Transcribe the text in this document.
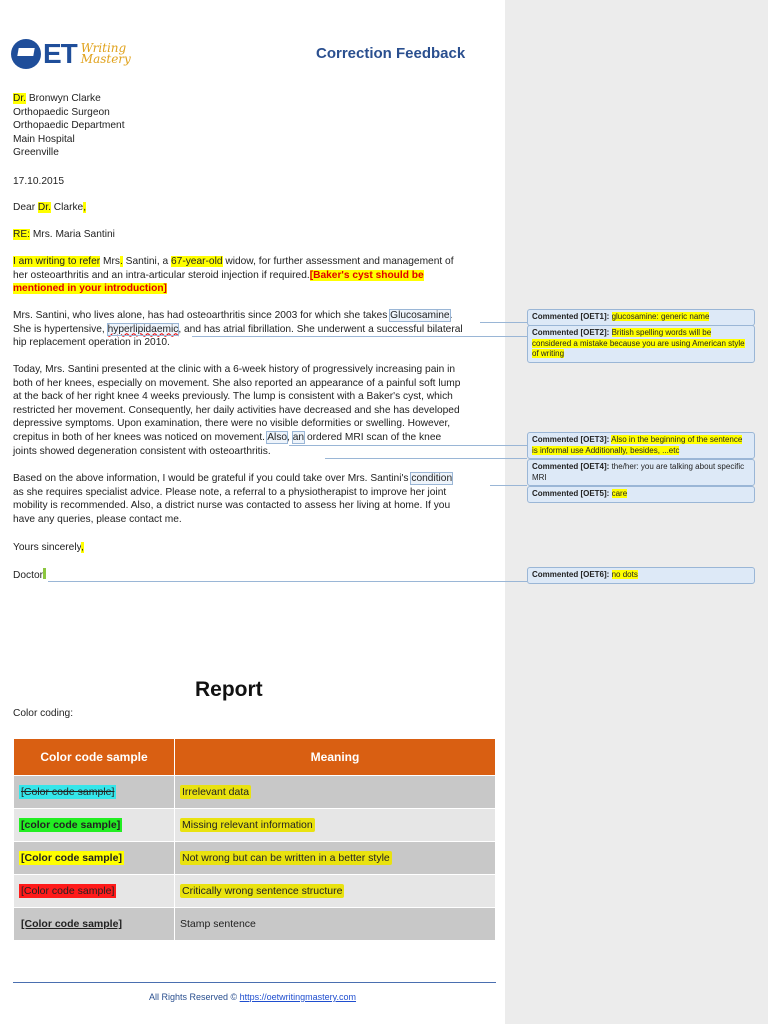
ET Writing
Mastery	Correction Feedback
Dr. Bronwyn Clarke
Orthopaedic Surgeon
Orthopaedic Department
Main Hospital
Greenville
17.10.2015
Dear Dr. Clarke,
RE: Mrs. Maria Santini
I am writing to refer Mrs. Santini, a 67-year-old widow, for further assessment and management of
her osteoarthritis and an intra-articular steroid injection if required.[Baker's cyst should be
mentioned in your introduction]
Mrs. Santini, who lives alone, has had osteoarthritis since 2003 for which she takes Glucosamine.
She is hypertensive, hyperlipidaemic, and has atrial fibrillation. She underwent a successful bilateral
hip replacement operation in 2010.
Today, Mrs. Santini presented at the clinic with a 6-week history of progressively increasing pain in
both of her knees, especially on movement. She also reported an appearance of a painful soft lump
at the back of her right knee 4 weeks previously. The lump is consistent with a Baker's cyst, which
restricted her movement. Consequently, her daily activities have decreased and she has developed
depressive symptoms. Upon examination, there were no visible deformities or swelling. However,
crepitus in both of her knees was noticed on movement. Also, an ordered MRI scan of the knee
joints showed degeneration consistent with osteoarthritis.
Based on the above information, I would be grateful if you could take over Mrs. Santini's condition
as she requires specialist advice. Please note, a referral to a physiotherapist to improve her joint
mobility is recommended. Also, a district nurse was contacted to assess her living at home. If you
have any queries, please contact me.
Yours sincerely,
Doctor
Commented [OET1]: glucosamine: generic name
Commented [OET2]: British spelling words will be considered a mistake because you are using American style of writing
Commented [OET3]: Also in the beginning of the sentence is informal use Additionally, besides, ...etc
Commented [OET4]: the/her: you are talking about specific MRI
Commented [OET5]: care
Commented [OET6]: no dots
Report
Color coding:
Color code sample	Meaning
[Color code sample]	Irrelevant data
[color code sample]	Missing relevant information
[Color code sample]	Not wrong but can be written in a better style
[Color code sample]	Critically wrong sentence structure
[Color code sample]	Stamp sentence
All Rights Reserved © https://oetwritingmastery.com
